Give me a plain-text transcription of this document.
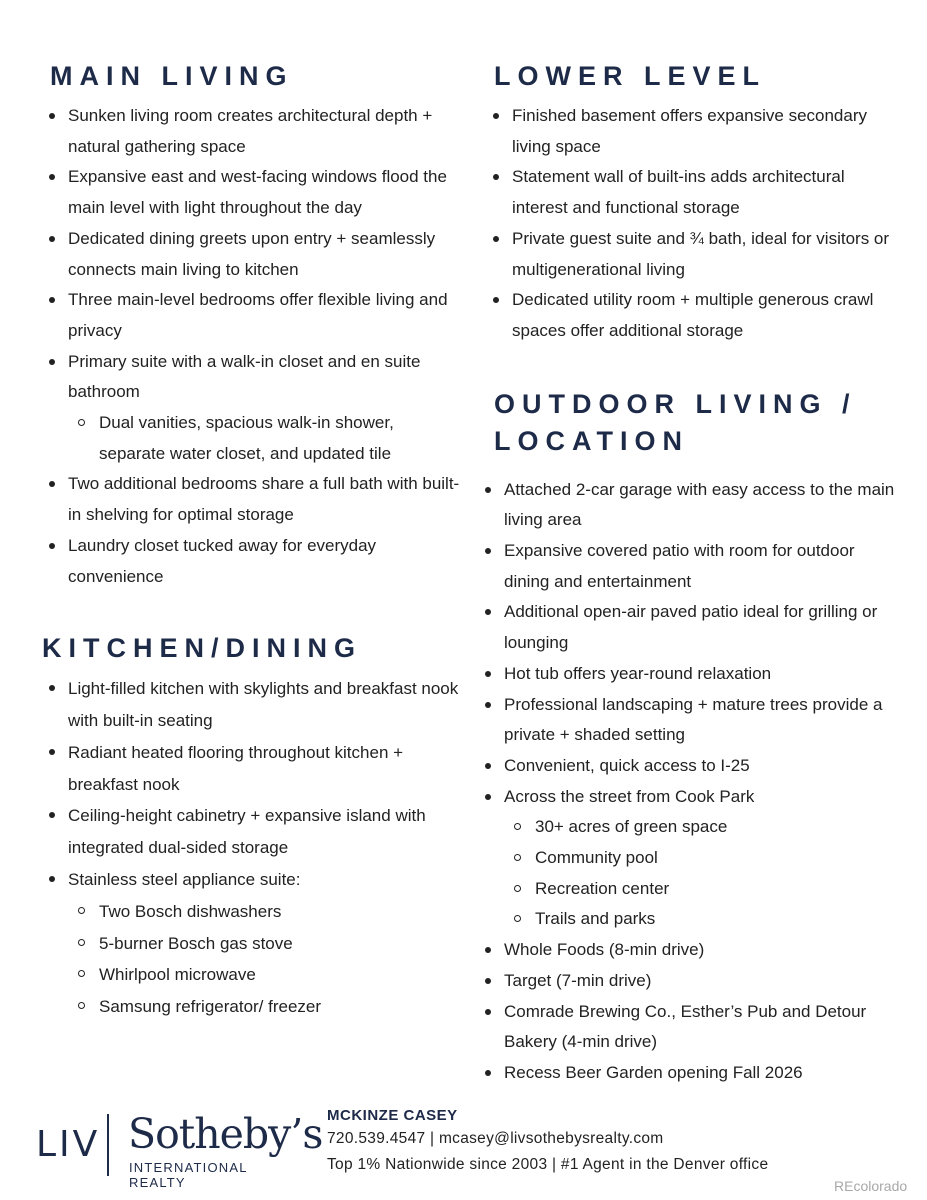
MAIN LIVING
Sunken living room creates architectural depth + natural gathering space
Expansive east and west-facing windows flood the main level with light throughout the day
Dedicated dining greets upon entry + seamlessly connects main living to kitchen
Three main-level bedrooms offer flexible living and privacy
Primary suite with a walk-in closet and en suite bathroom
Dual vanities, spacious walk-in shower, separate water closet, and updated tile
Two additional bedrooms share a full bath with built-in shelving for optimal storage
Laundry closet tucked away for everyday convenience
KITCHEN/DINING
Light-filled kitchen with skylights and breakfast nook with built-in seating
Radiant heated flooring throughout kitchen + breakfast nook
Ceiling-height cabinetry + expansive island with integrated dual-sided storage
Stainless steel appliance suite:
Two Bosch dishwashers
5-burner Bosch gas stove
Whirlpool microwave
Samsung refrigerator/ freezer
LOWER LEVEL
Finished basement offers expansive secondary living space
Statement wall of built-ins adds architectural interest and functional storage
Private guest suite and ¾ bath, ideal for visitors or multigenerational living
Dedicated utility room + multiple generous crawl spaces offer additional storage
OUTDOOR LIVING /
LOCATION
Attached 2-car garage with easy access to the main living area
Expansive covered patio with room for outdoor dining and entertainment
Additional open-air paved patio ideal for grilling or lounging
Hot tub offers year-round relaxation
Professional landscaping + mature trees provide a private + shaded setting
Convenient, quick access to I-25
Across the street from Cook Park
30+ acres of green space
Community pool
Recreation center
Trails and parks
Whole Foods (8-min drive)
Target (7-min drive)
Comrade Brewing Co., Esther’s Pub and Detour Bakery (4-min drive)
Recess Beer Garden opening Fall 2026
LIV Sotheby’s
INTERNATIONAL REALTY
MCKINZE CASEY
720.539.4547 | mcasey@livsothebysrealty.com
Top 1% Nationwide since 2003 | #1 Agent in the Denver office
REcolorado
